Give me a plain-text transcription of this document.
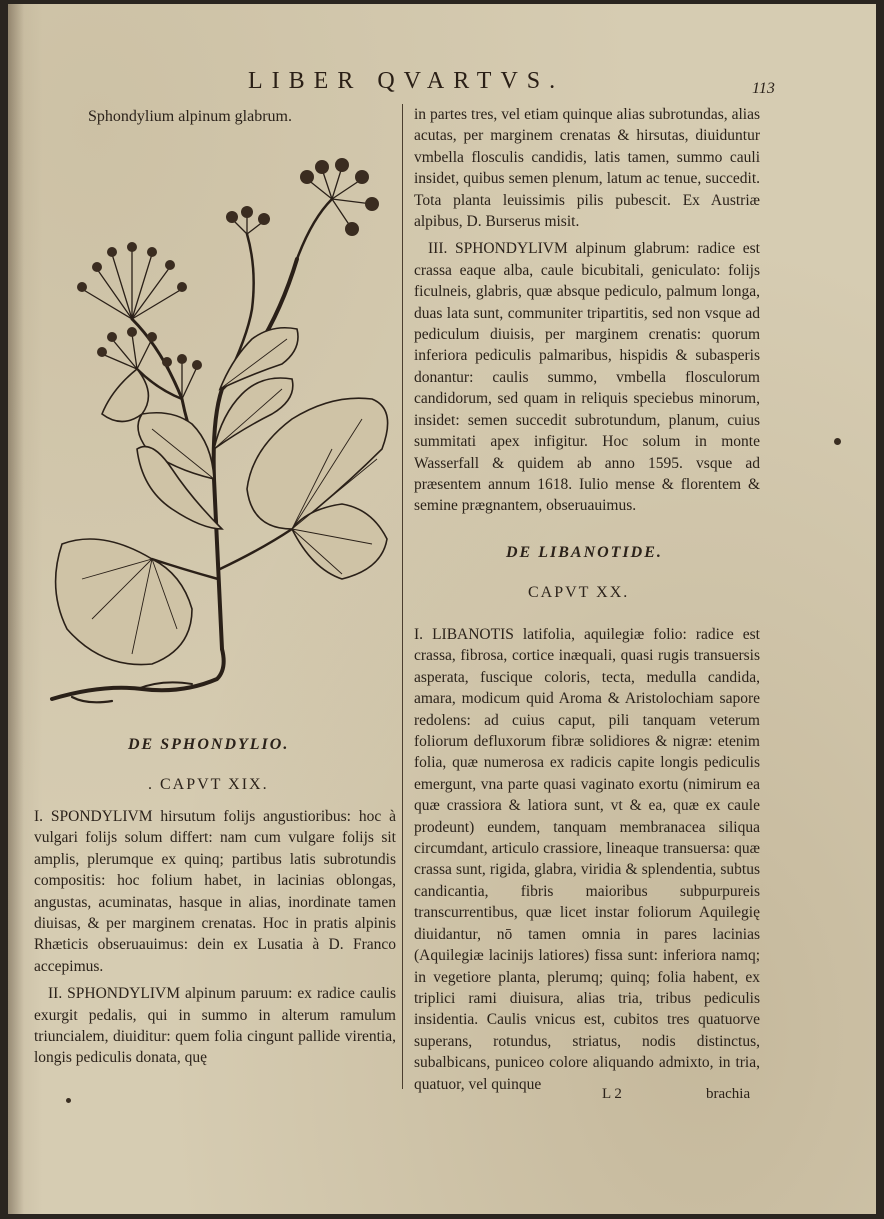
LIBER QVARTVS.	113
Sphondylium alpinum glabrum.
DE SPHONDYLIO.
. CAPVT XIX.

I. SPONDYLIVM hirsutum folijs angustioribus: hoc à vulgari folijs solum differt: nam cum vulgare folijs sit amplis, plerumque ex quinq; partibus latis subrotundis compositis: hoc folium habet, in lacinias oblongas, angustas, acuminatas, hasque in alias, inordinate tamen diuisas, & per marginem crenatas. Hoc in pratis alpinis Rhæticis obseruauimus: dein ex Lusatia à D. Franco accepimus.

II. SPHONDYLIVM alpinum paruum: ex radice caulis exurgit pedalis, qui in summo in alterum ramulum triuncialem, diuiditur: quem folia cingunt pallide virentia, longis pediculis donata, quę

in partes tres, vel etiam quinque alias subrotundas, alias acutas, per marginem crenatas & hirsutas, diuiduntur vmbella flosculis candidis, latis tamen, summo cauli insidet, quibus semen plenum, latum ac tenue, succedit. Tota planta leuissimis pilis pubescit. Ex Austriæ alpibus, D. Burserus misit.

III. SPHONDYLIVM alpinum glabrum: radice est crassa eaque alba, caule bicubitali, geniculato: folijs ficulneis, glabris, quæ absque pediculo, palmum longa, duas lata sunt, communiter tripartitis, sed non vsque ad pediculum diuisis, per marginem crenatis: quorum inferiora pediculis palmaribus, hispidis & subasperis donantur: caulis summo, vmbella flosculorum candidorum, sed quam in reliquis speciebus minorum, insidet: semen succedit subrotundum, planum, cuius summitati apex infigitur. Hoc solum in monte Wasserfall & quidem ab anno 1595. vsque ad præsentem annum 1618. Iulio mense & florentem & semine prægnantem, obseruauimus.

DE LIBANOTIDE.
CAPVT XX.

I. LIBANOTIS latifolia, aquilegiæ folio: radice est crassa, fibrosa, cortice inæquali, quasi rugis transuersis asperata, fuscique coloris, tecta, medulla candida, amara, modicum quid Aroma & Aristolochiam sapore redolens: ad cuius caput, pili tanquam veterum foliorum defluxorum fibræ solidiores & nigræ: etenim folia, quæ numerosa ex radicis capite longis pediculis emergunt, vna parte quasi vaginato exortu (nimirum ea quæ crassiora & latiora sunt, vt & ea, quæ ex caule prodeunt) eundem, tanquam membranacea siliqua circumdant, articulo crassiore, lineaque transuersa: quæ crassa sunt, rigida, glabra, viridia & splendentia, subtus candicantia, fibris maioribus subpurpureis transcurrentibus, quæ licet instar foliorum Aquilegię diuidantur, nō tamen omnia in pares lacinias (Aquilegiæ lacinijs latiores) fissa sunt: inferiora namq; in vegetiore planta, plerumq; quinq; folia habent, ex triplici rami diuisura, alias tria, tribus pediculis insidentia. Caulis vnicus est, cubitos tres quatuorve superans, rotundus, striatus, nodis distinctus, subalbicans, puniceo colore aliquando admixto, in tria, quatuor, vel quinque

L 2	brachia
